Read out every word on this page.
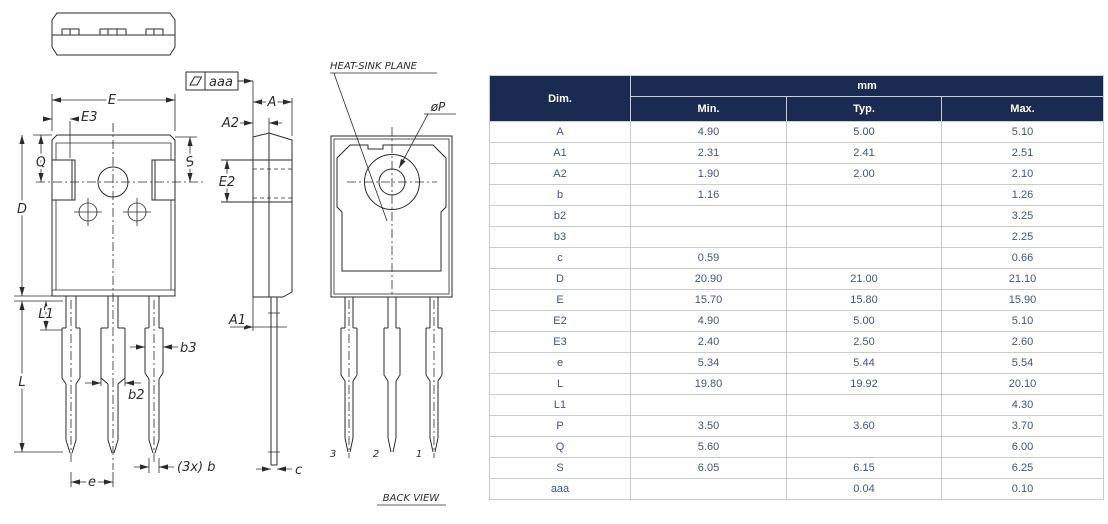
aaa
E
E3
Q	S
D
L
L1
b3
b2
(3x) b
e
A
A2
E2
A1
c
HEAT-SINK PLANE
øP
3	2	1
BACK VIEW
Dim.	mm		
	Min.	Typ.	Max.
A	4.90	5.00	5.10
A1	2.31	2.41	2.51
A2	1.90	2.00	2.10
b	1.16		1.26
b2			3.25
b3			2.25
c	0.59		0.66
D	20.90	21.00	21.10
E	15.70	15.80	15.90
E2	4.90	5.00	5.10
E3	2.40	2.50	2.60
e	5.34	5.44	5.54
L	19.80	19.92	20.10
L1			4.30
P	3.50	3.60	3.70
Q	5.60		6.00
S	6.05	6.15	6.25
aaa		0.04	0.10
